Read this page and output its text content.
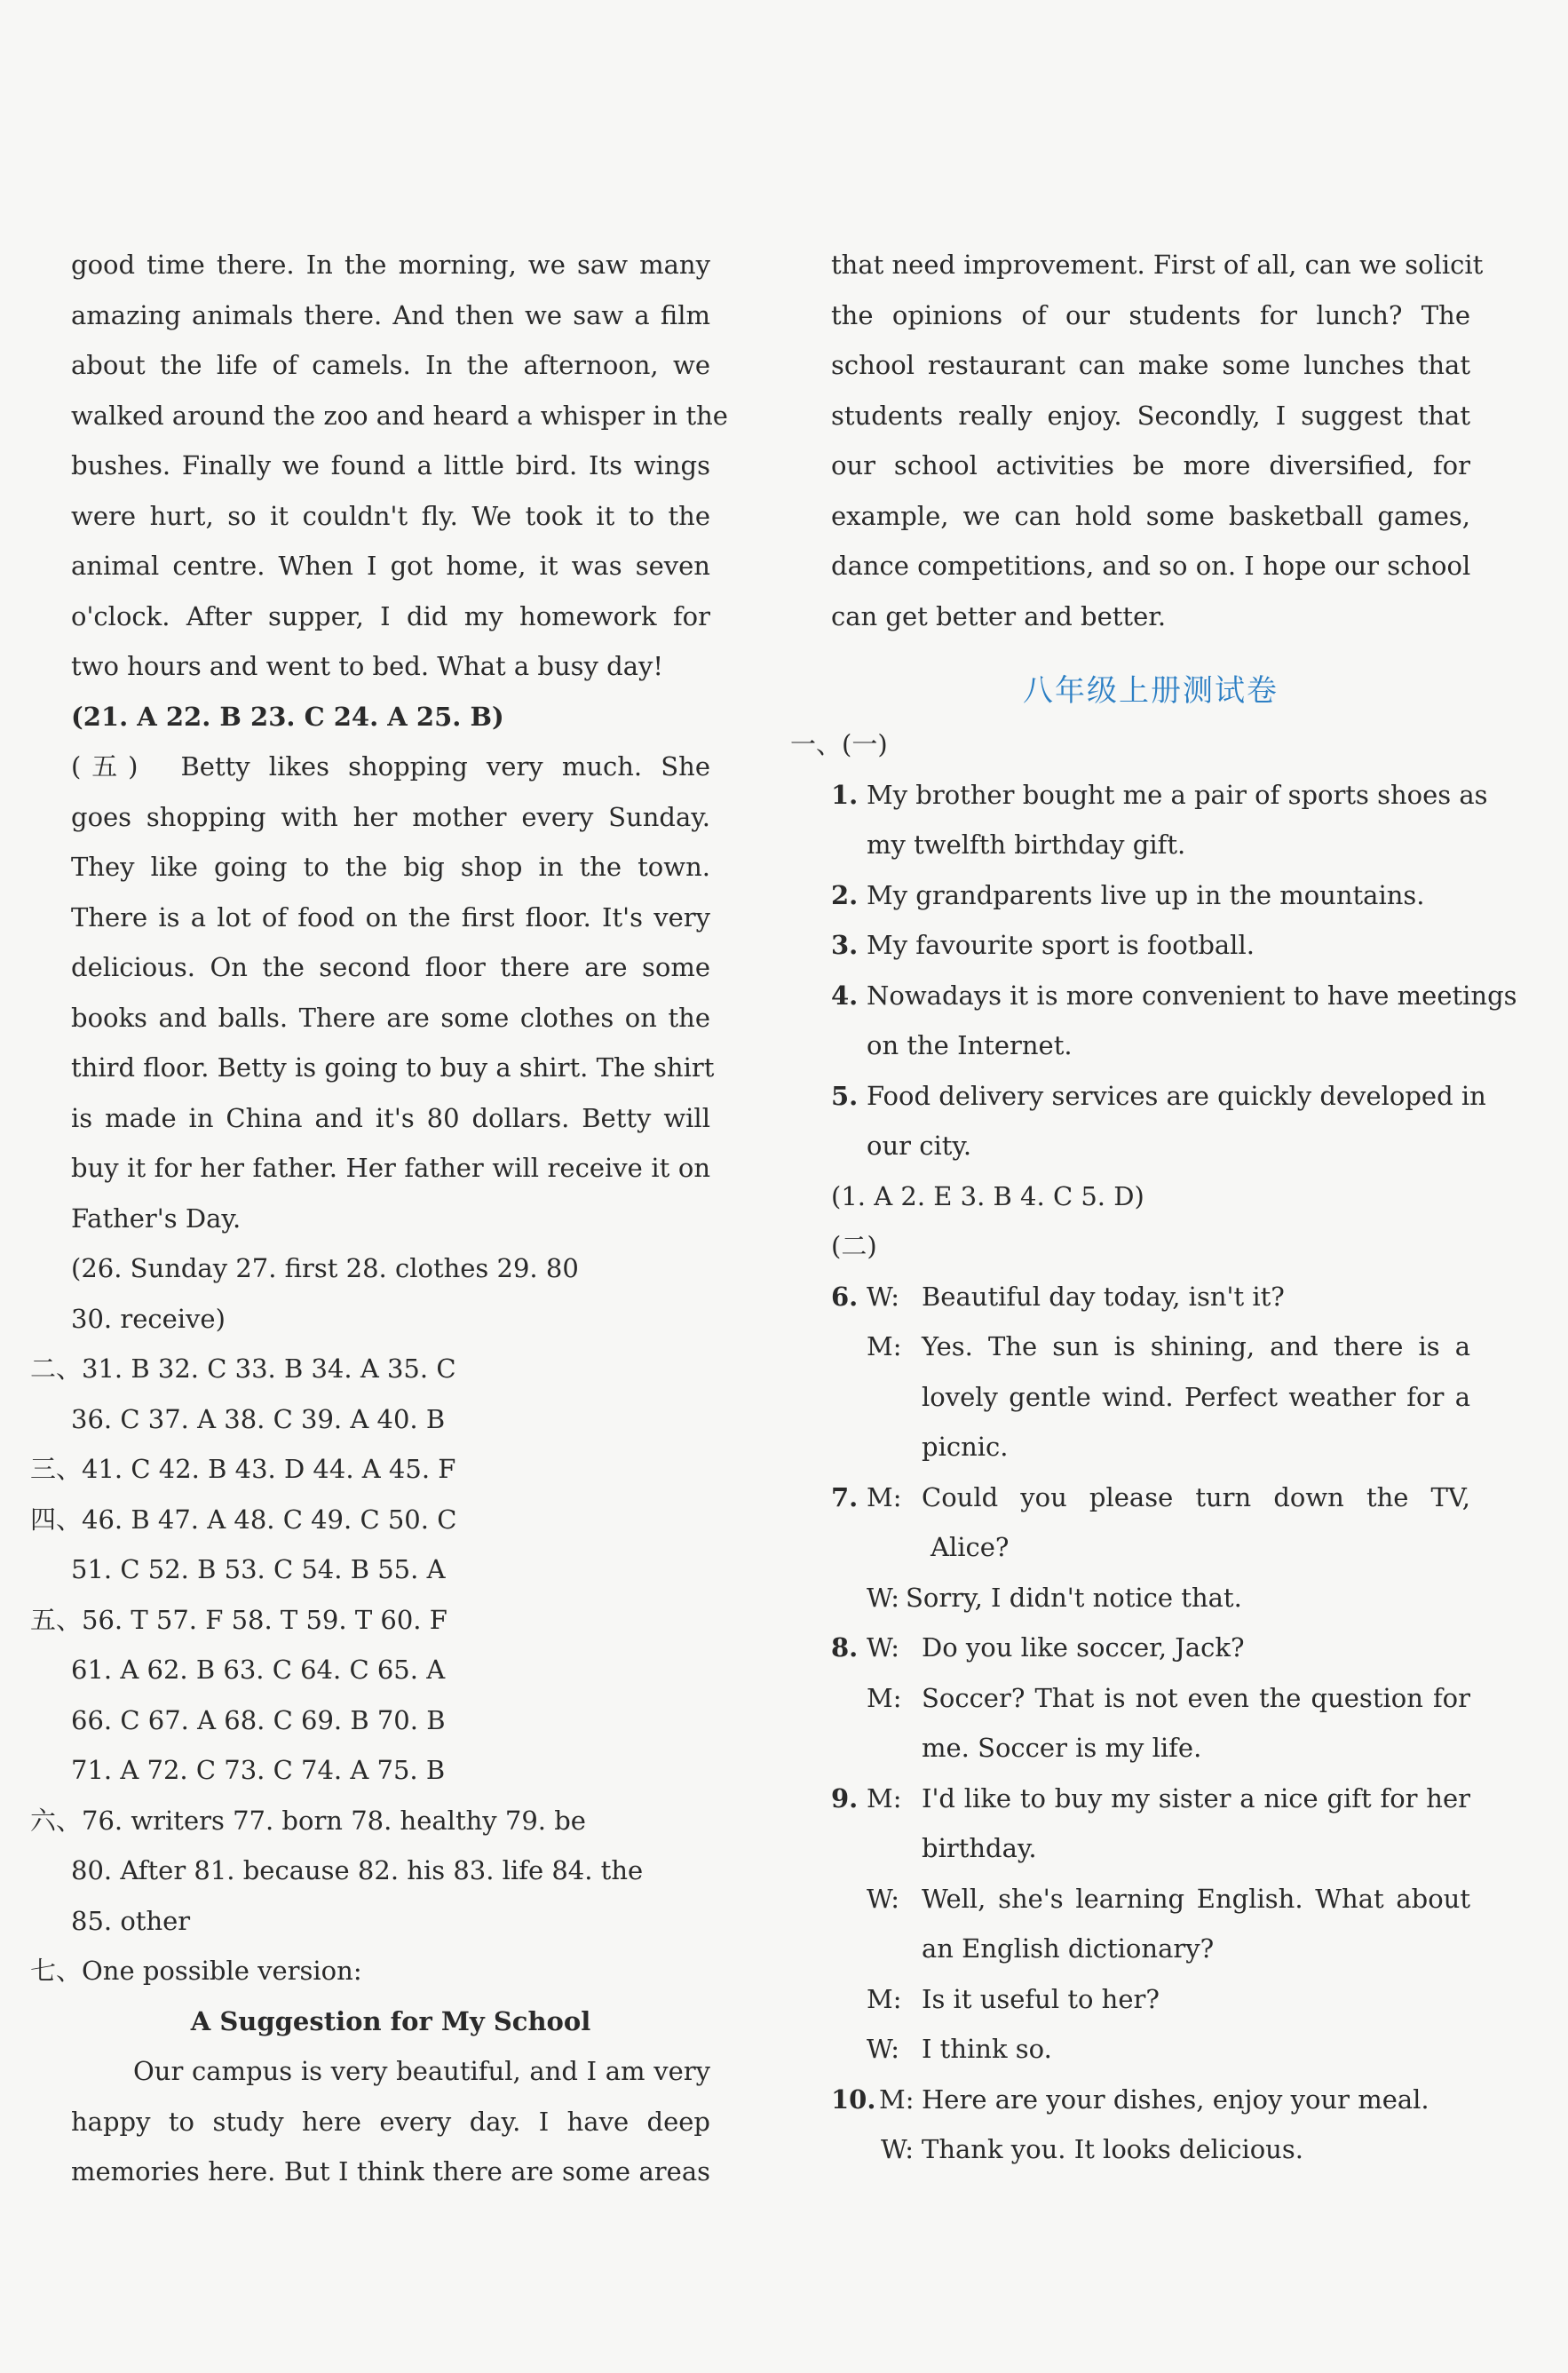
good time there. In the morning, we saw many
amazing animals there. And then we saw a film
about the life of camels. In the afternoon, we
walked around the zoo and heard a whisper in the
bushes. Finally we found a little bird. Its wings
were hurt, so it couldn't fly. We took it to the
animal centre. When I got home, it was seven
o'clock. After supper, I did my homework for
two hours and went to bed. What a busy day!
(21. A 22. B 23. C 24. A 25. B)
(五) Betty likes shopping very much. She
goes shopping with her mother every Sunday.
They like going to the big shop in the town.
There is a lot of food on the first floor. It's very
delicious. On the second floor there are some
books and balls. There are some clothes on the
third floor. Betty is going to buy a shirt. The shirt
is made in China and it's 80 dollars. Betty will
buy it for her father. Her father will receive it on
Father's Day.
(26. Sunday 27. first 28. clothes 29. 80
30. receive)
二、31. B 32. C 33. B 34. A 35. C
36. C 37. A 38. C 39. A 40. B
三、41. C 42. B 43. D 44. A 45. F
四、46. B 47. A 48. C 49. C 50. C
51. C 52. B 53. C 54. B 55. A
五、56. T 57. F 58. T 59. T 60. F
61. A 62. B 63. C 64. C 65. A
66. C 67. A 68. C 69. B 70. B
71. A 72. C 73. C 74. A 75. B
六、76. writers 77. born 78. healthy 79. be
80. After 81. because 82. his 83. life 84. the
85. other
七、One possible version:
A Suggestion for My School
Our campus is very beautiful, and I am very
happy to study here every day. I have deep
memories here. But I think there are some areas
that need improvement. First of all, can we solicit
the opinions of our students for lunch? The
school restaurant can make some lunches that
students really enjoy. Secondly, I suggest that
our school activities be more diversified, for
example, we can hold some basketball games,
dance competitions, and so on. I hope our school
can get better and better.
八年级上册测试卷
一、(一)
1. My brother bought me a pair of sports shoes as
my twelfth birthday gift.
2. My grandparents live up in the mountains.
3. My favourite sport is football.
4. Nowadays it is more convenient to have meetings
on the Internet.
5. Food delivery services are quickly developed in
our city.
(1. A 2. E 3. B 4. C 5. D)
(二)
6. W: Beautiful day today, isn't it?
M: Yes. The sun is shining, and there is a
lovely gentle wind. Perfect weather for a
picnic.
7. M: Could you please turn down the TV,
Alice?
W: Sorry, I didn't notice that.
8. W: Do you like soccer, Jack?
M: Soccer? That is not even the question for
me. Soccer is my life.
9. M: I'd like to buy my sister a nice gift for her
birthday.
W: Well, she's learning English. What about
an English dictionary?
M: Is it useful to her?
W: I think so.
10. M: Here are your dishes, enjoy your meal.
W: Thank you. It looks delicious.
